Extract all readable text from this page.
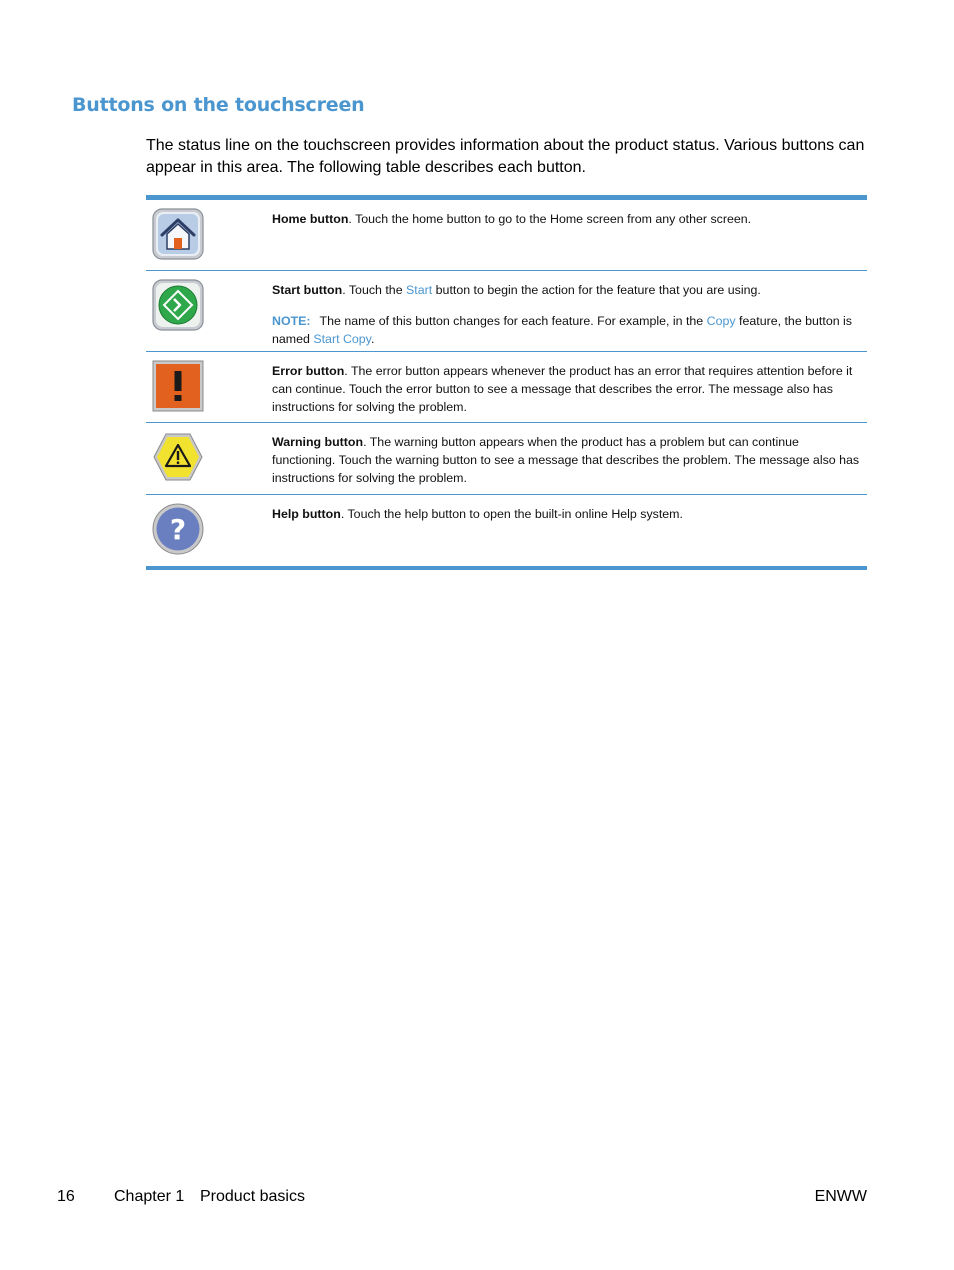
Buttons on the touchscreen

The status line on the touchscreen provides information about the product status. Various buttons can appear in this area. The following table describes each button.

Home button. Touch the home button to go to the Home screen from any other screen.

Start button. Touch the Start button to begin the action for the feature that you are using.

NOTE: The name of this button changes for each feature. For example, in the Copy feature, the button is named Start Copy.

Error button. The error button appears whenever the product has an error that requires attention before it can continue. Touch the error button to see a message that describes the error. The message also has instructions for solving the problem.

Warning button. The warning button appears when the product has a problem but can continue functioning. Touch the warning button to see a message that describes the problem. The message also has instructions for solving the problem.

?	Help button. Touch the help button to open the built-in online Help system.

16 Chapter 1 Product basics	ENWW
